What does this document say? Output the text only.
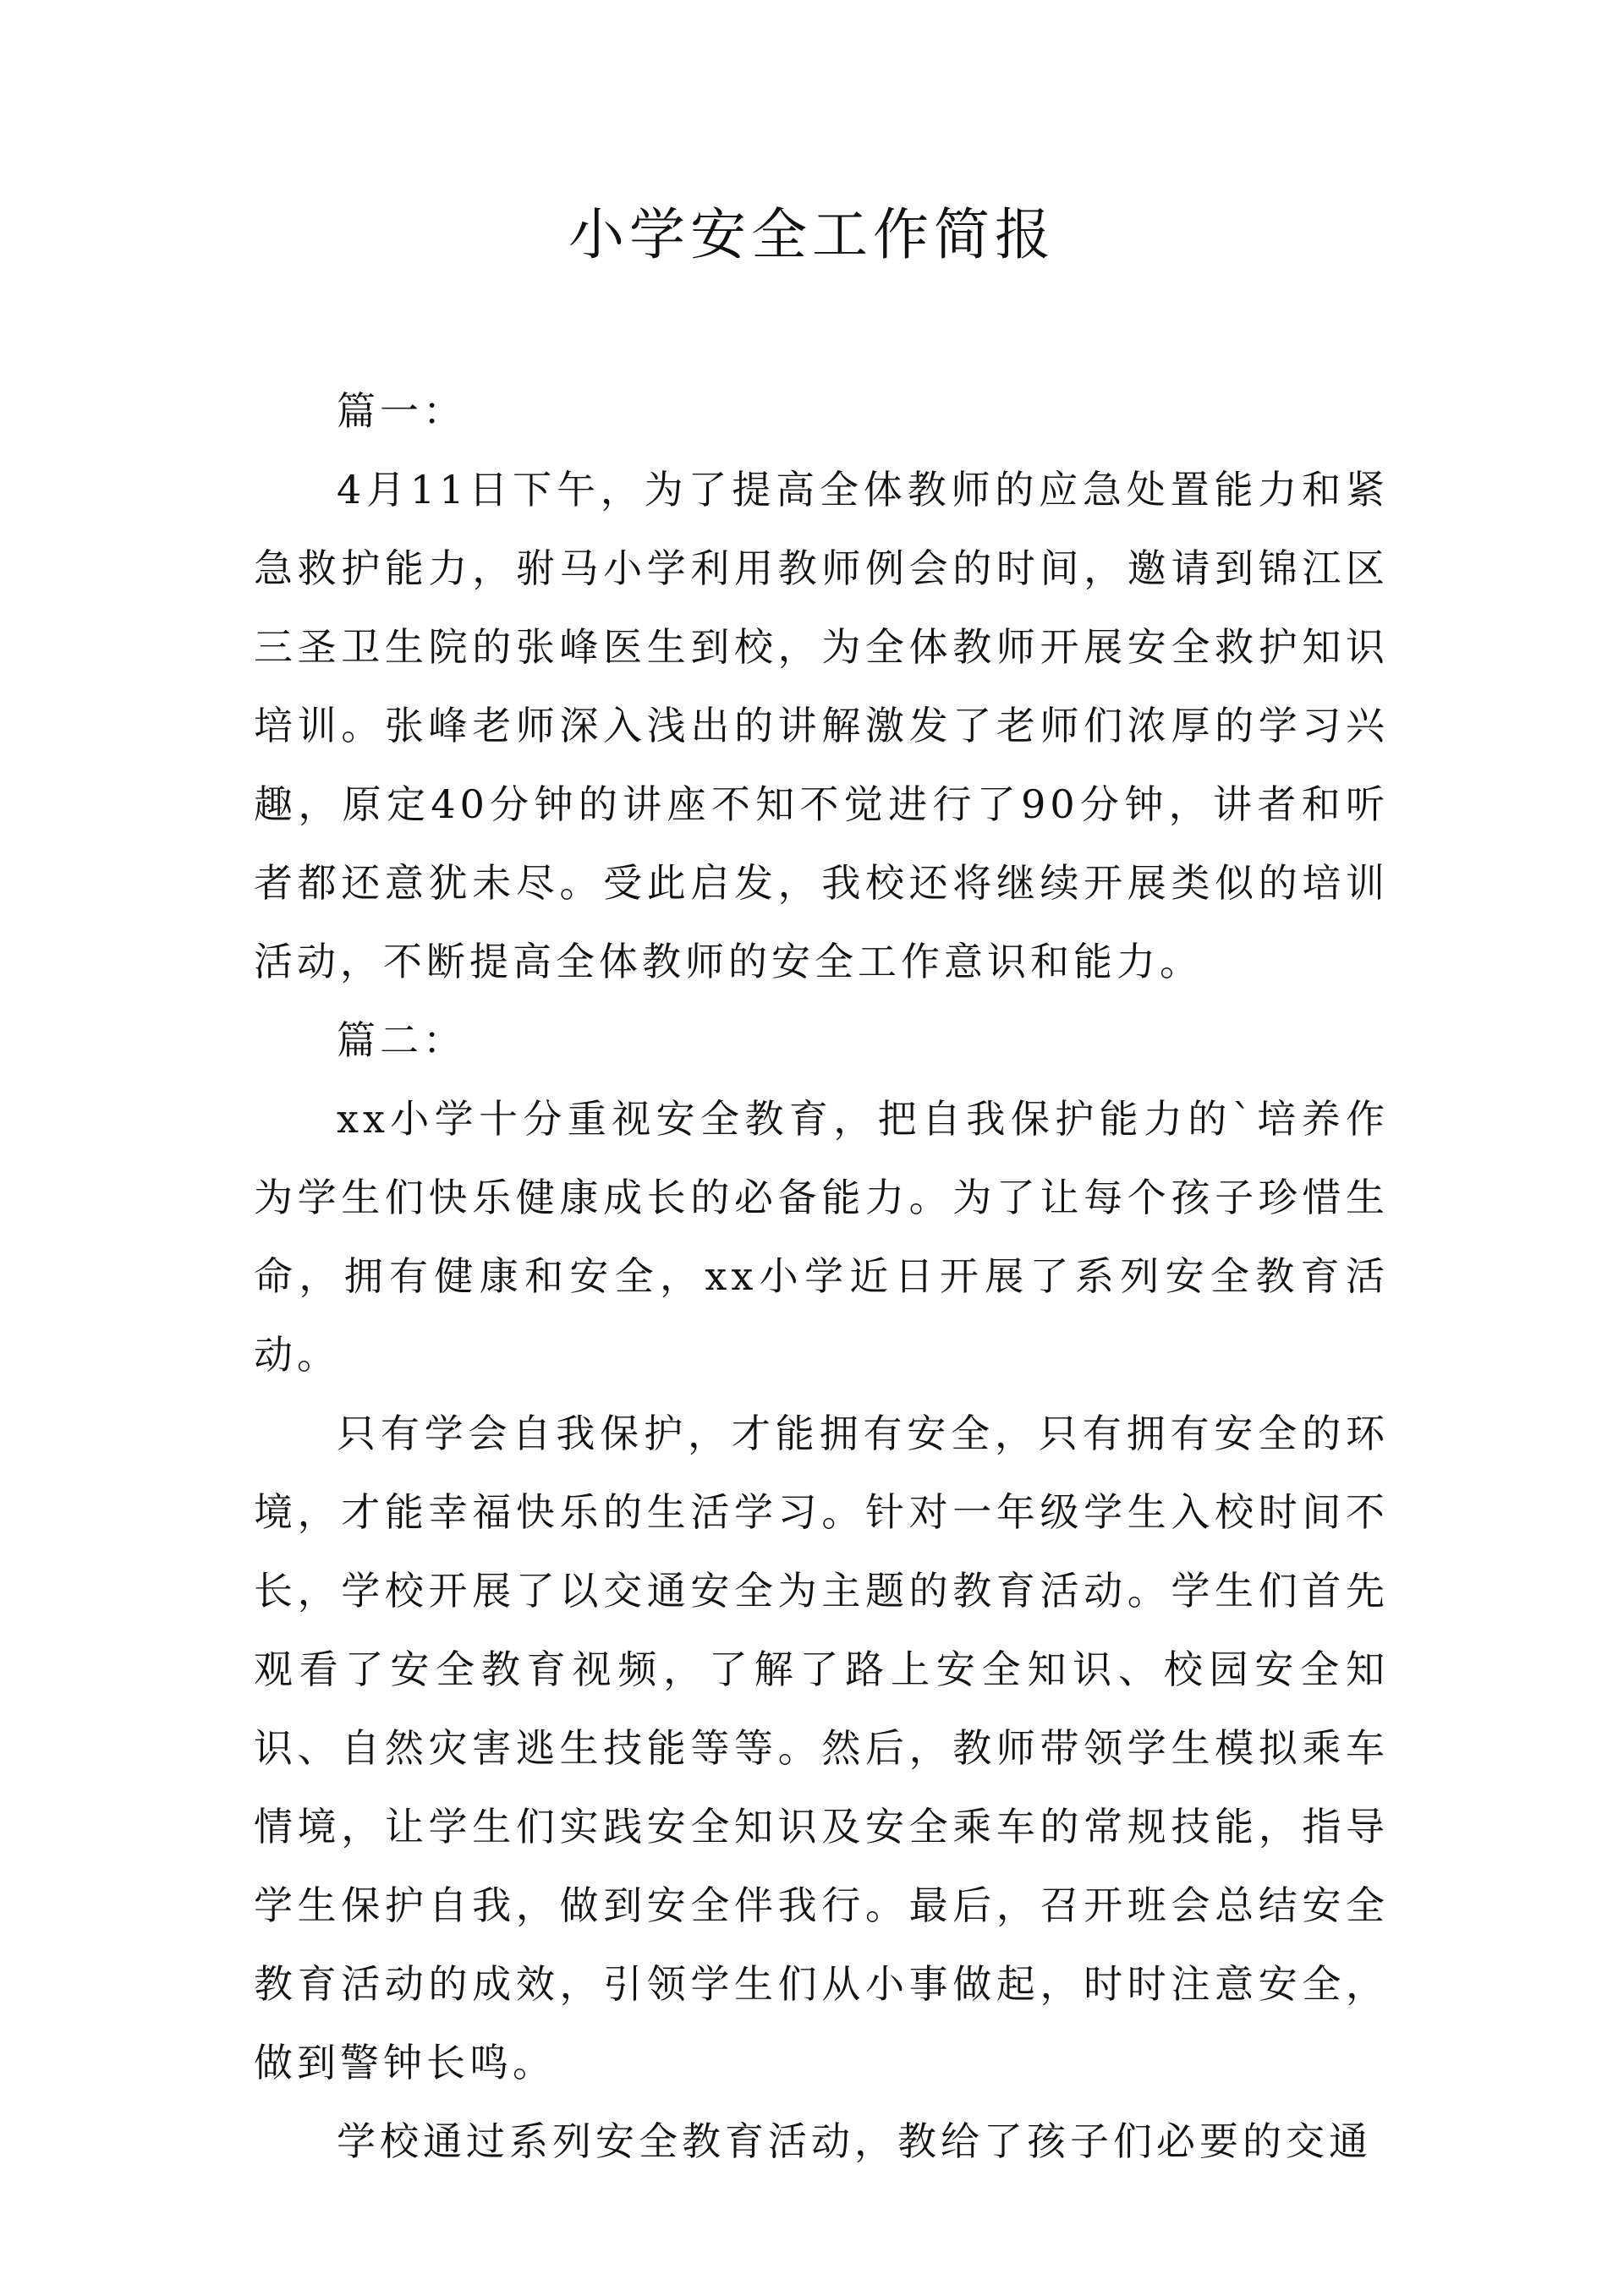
小学安全工作简报

篇一：

4月11日下午，为了提高全体教师的应急处置能力和紧急救护能力，驸马小学利用教师例会的时间，邀请到锦江区三圣卫生院的张峰医生到校，为全体教师开展安全救护知识培训。张峰老师深入浅出的讲解激发了老师们浓厚的学习兴趣，原定40分钟的讲座不知不觉进行了90分钟，讲者和听者都还意犹未尽。受此启发，我校还将继续开展类似的培训活动，不断提高全体教师的安全工作意识和能力。

篇二：

xx小学十分重视安全教育，把自我保护能力的`培养作为学生们快乐健康成长的必备能力。为了让每个孩子珍惜生命，拥有健康和安全，xx小学近日开展了系列安全教育活动。

只有学会自我保护，才能拥有安全，只有拥有安全的环境，才能幸福快乐的生活学习。针对一年级学生入校时间不长，学校开展了以交通安全为主题的教育活动。学生们首先观看了安全教育视频，了解了路上安全知识、校园安全知识、自然灾害逃生技能等等。然后，教师带领学生模拟乘车情境，让学生们实践安全知识及安全乘车的常规技能，指导学生保护自我，做到安全伴我行。最后，召开班会总结安全教育活动的成效，引领学生们从小事做起，时时注意安全，做到警钟长鸣。

学校通过系列安全教育活动，教给了孩子们必要的交通
